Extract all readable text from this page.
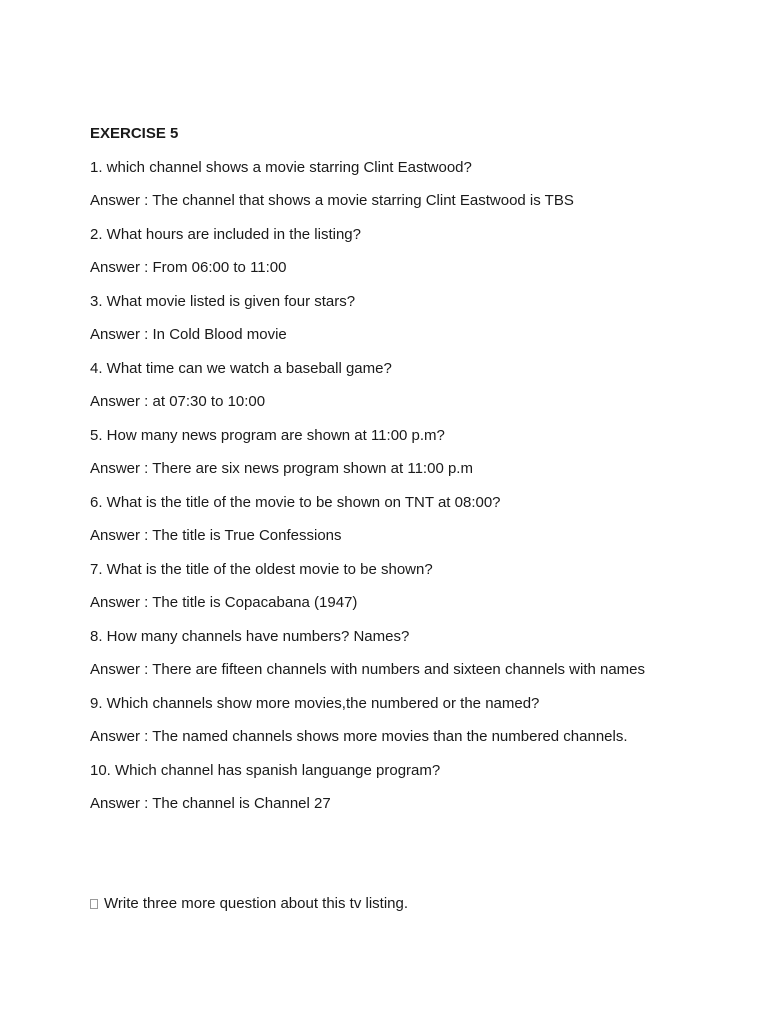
EXERCISE 5
1. which channel shows a movie starring Clint Eastwood?
Answer : The channel that shows a movie starring Clint Eastwood is TBS
2. What hours are included in the listing?
Answer : From 06:00 to 11:00
3. What movie listed is given four stars?
Answer : In Cold Blood movie
4. What time can we watch a baseball game?
Answer : at 07:30 to 10:00
5. How many news program are shown at 11:00 p.m?
Answer : There are six news program shown at 11:00 p.m
6. What is the title of the movie to be shown on TNT at 08:00?
Answer : The title is True Confessions
7. What is the title of the oldest movie to be shown?
Answer : The title is Copacabana (1947)
8. How many channels have numbers? Names?
Answer : There are fifteen channels with numbers and sixteen channels with names
9. Which channels show more movies,the numbered or the named?
Answer : The named channels shows more movies than the numbered channels.
10. Which channel has spanish languange program?
Answer : The channel is Channel 27
Write three more question about this tv listing.
